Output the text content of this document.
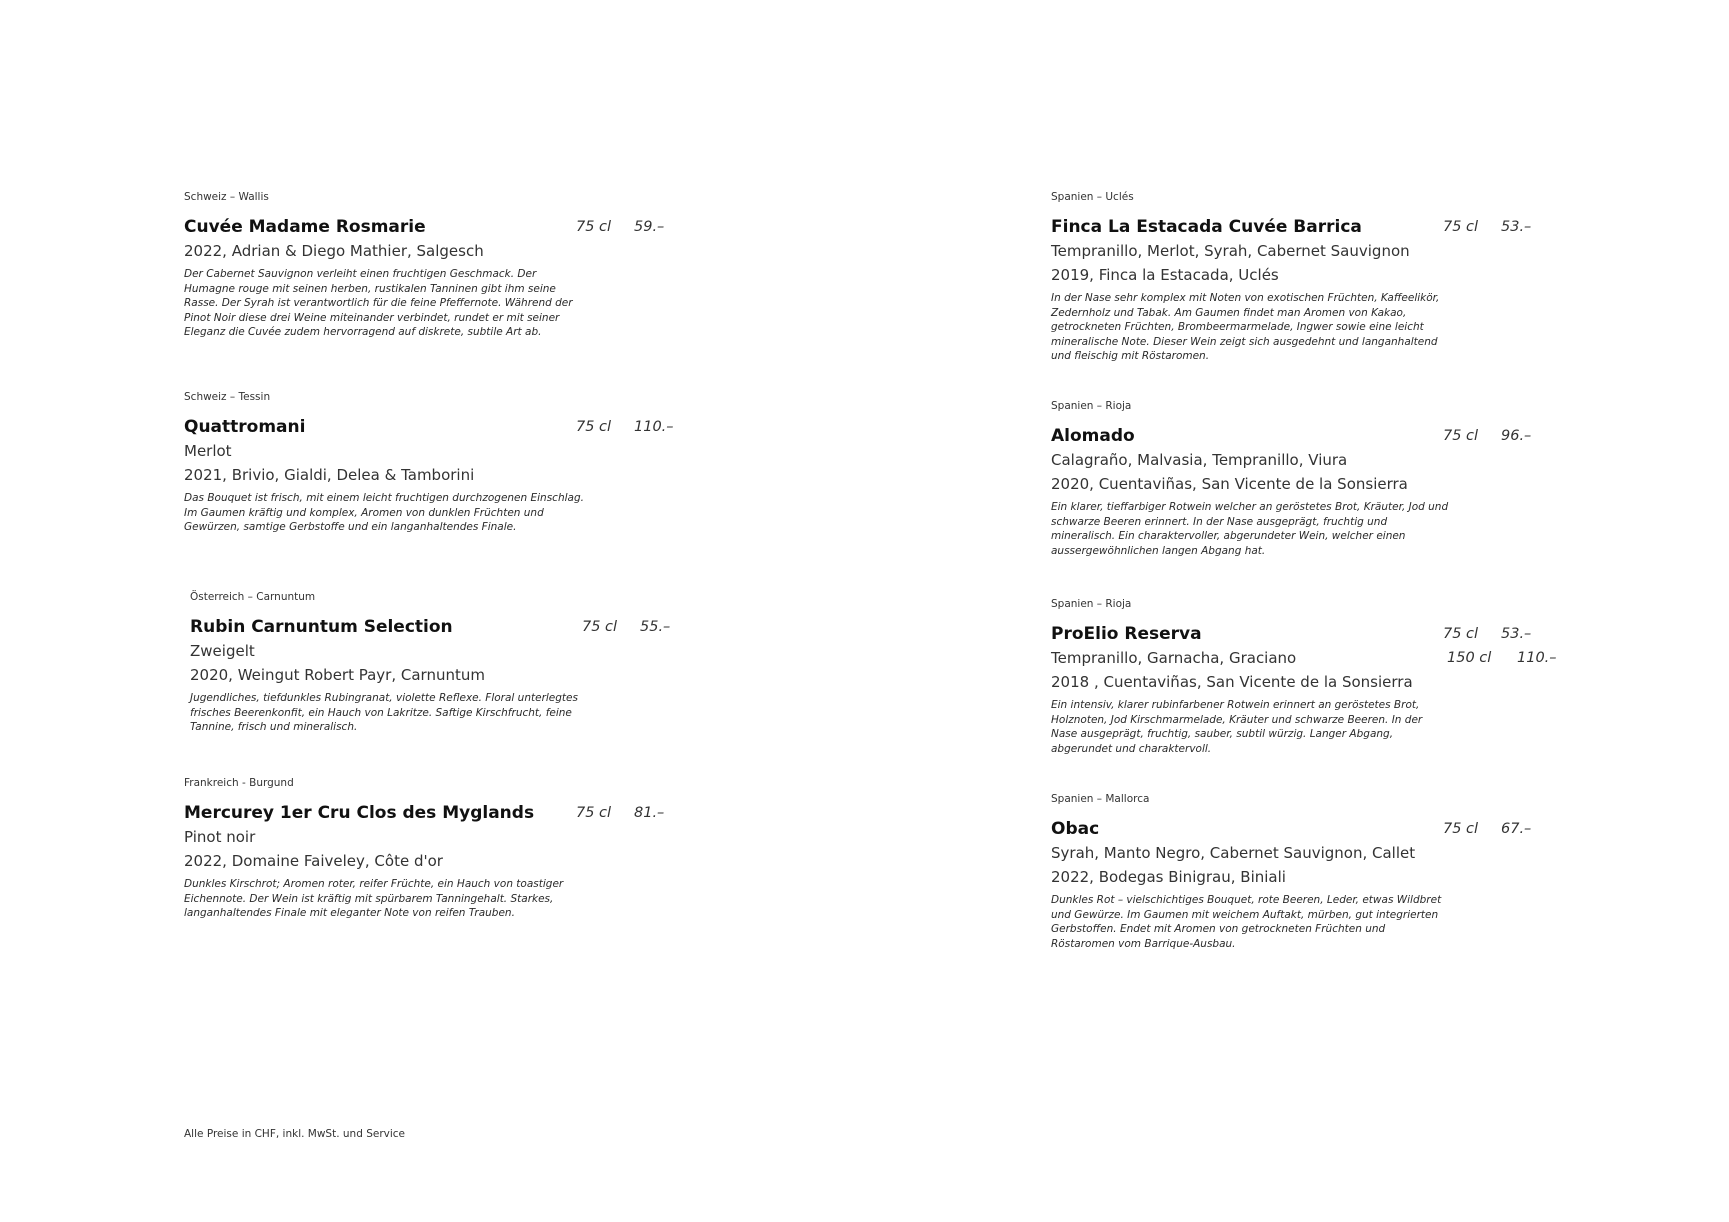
Schweiz – Wallis
Cuvée Madame Rosmarie	75 cl 59.–
2022, Adrian & Diego Mathier, Salgesch
Der Cabernet Sauvignon verleiht einen fruchtigen Geschmack. Der Humagne rouge mit seinen herben, rustikalen Tanninen gibt ihm seine Rasse. Der Syrah ist verantwortlich für die feine Pfeffernote. Während der Pinot Noir diese drei Weine miteinander verbindet, rundet er mit seiner Eleganz die Cuvée zudem hervorragend auf diskrete, subtile Art ab.
Schweiz – Tessin
Quattromani	75 cl 110.–
Merlot
2021, Brivio, Gialdi, Delea & Tamborini
Das Bouquet ist frisch, mit einem leicht fruchtigen durchzogenen Einschlag. Im Gaumen kräftig und komplex, Aromen von dunklen Früchten und Gewürzen, samtige Gerbstoffe und ein langanhaltendes Finale.
Österreich – Carnuntum
Rubin Carnuntum Selection	75 cl 55.–
Zweigelt
2020, Weingut Robert Payr, Carnuntum
Jugendliches, tiefdunkles Rubingranat, violette Reflexe. Floral unterlegtes frisches Beerenkonfit, ein Hauch von Lakritze. Saftige Kirschfrucht, feine Tannine, frisch und mineralisch.
Frankreich - Burgund
Mercurey 1er Cru Clos des Myglands	75 cl 81.–
Pinot noir
2022, Domaine Faiveley, Côte d'or
Dunkles Kirschrot; Aromen roter, reifer Früchte, ein Hauch von toastiger Eichennote. Der Wein ist kräftig mit spürbarem Tanningehalt. Starkes, langanhaltendes Finale mit eleganter Note von reifen Trauben.
Spanien – Uclés
Finca La Estacada Cuvée Barrica	75 cl 53.–
Tempranillo, Merlot, Syrah, Cabernet Sauvignon
2019, Finca la Estacada, Uclés
In der Nase sehr komplex mit Noten von exotischen Früchten, Kaffeelikör, Zedernholz und Tabak. Am Gaumen findet man Aromen von Kakao, getrockneten Früchten, Brombeermarmelade, Ingwer sowie eine leicht mineralische Note. Dieser Wein zeigt sich ausgedehnt und langanhaltend und fleischig mit Röstaromen.
Spanien – Rioja
Alomado	75 cl 96.–
Calagraño, Malvasia, Tempranillo, Viura
2020, Cuentaviñas, San Vicente de la Sonsierra
Ein klarer, tieffarbiger Rotwein welcher an geröstetes Brot, Kräuter, Jod und schwarze Beeren erinnert. In der Nase ausgeprägt, fruchtig und mineralisch. Ein charaktervoller, abgerundeter Wein, welcher einen aussergewöhnlichen langen Abgang hat.
Spanien – Rioja
ProElio Reserva	75 cl 53.–
Tempranillo, Garnacha, Graciano	150 cl 110.–
2018 , Cuentaviñas, San Vicente de la Sonsierra
Ein intensiv, klarer rubinfarbener Rotwein erinnert an geröstetes Brot, Holznoten, Jod Kirschmarmelade, Kräuter und schwarze Beeren. In der Nase ausgeprägt, fruchtig, sauber, subtil würzig. Langer Abgang, abgerundet und charaktervoll.
Spanien – Mallorca
Obac	75 cl 67.–
Syrah, Manto Negro, Cabernet Sauvignon, Callet
2022, Bodegas Binigrau, Biniali
Dunkles Rot – vielschichtiges Bouquet, rote Beeren, Leder, etwas Wildbret und Gewürze. Im Gaumen mit weichem Auftakt, mürben, gut integrierten Gerbstoffen. Endet mit Aromen von getrockneten Früchten und Röstaromen vom Barrique-Ausbau.
Alle Preise in CHF, inkl. MwSt. und Service
